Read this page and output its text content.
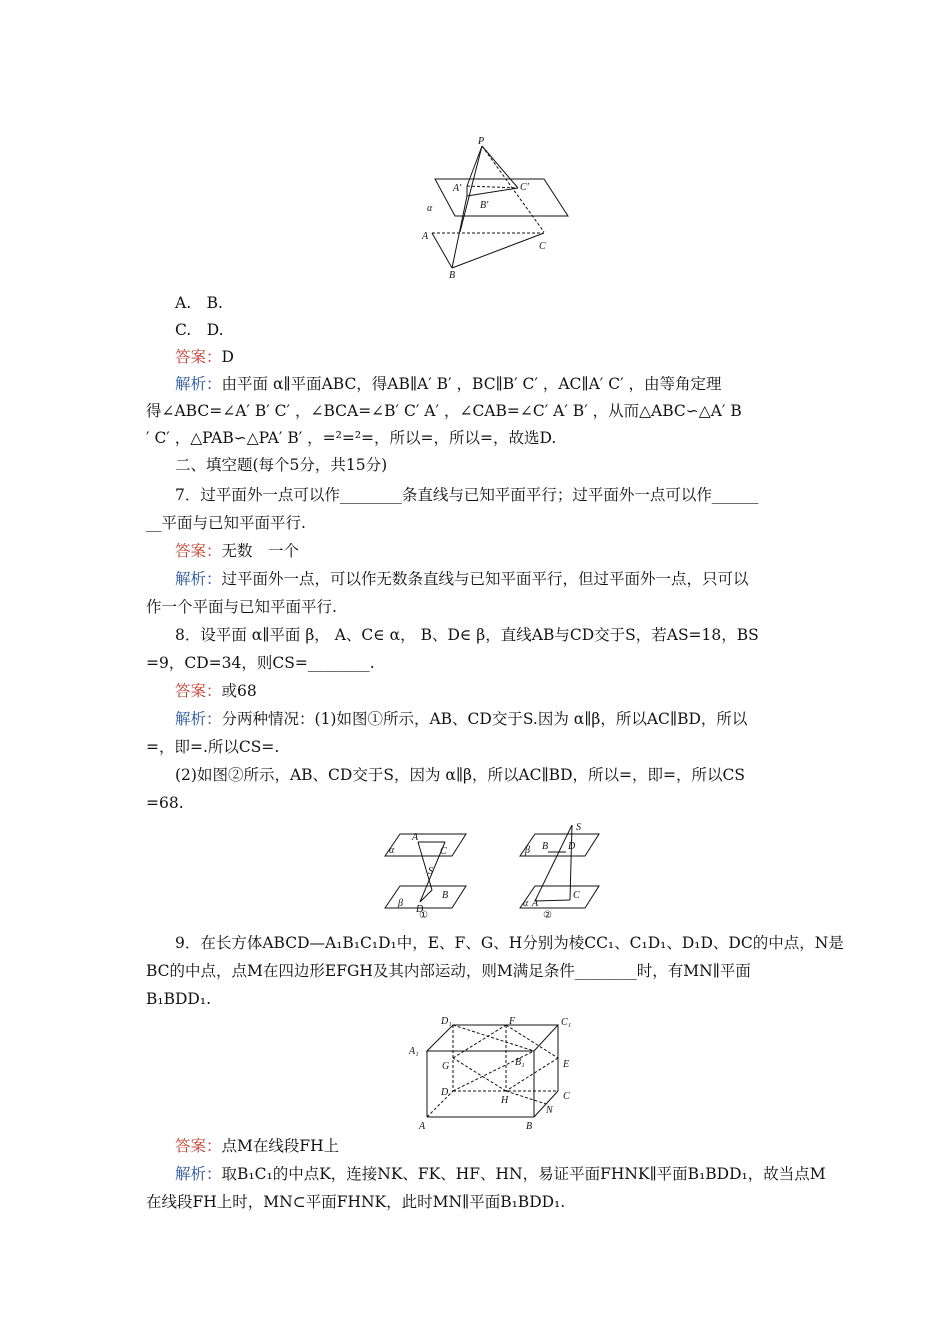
P
A′	C′
B′
α
A
C
B
A.　B.
C.　D.
答案：D
解析：由平面 α∥平面ABC，得AB∥A′ B′ ，BC∥B′ C′ ，AC∥A′ C′ ，由等角定理
得∠ABC=∠A′ B′ C′ ，∠BCA=∠B′ C′ A′ ，∠CAB=∠C′ A′ B′ ，从而△ABC∽△A′ B
′ C′ ，△PAB∽△PA′ B′ ，=²=²=，所以=，所以=，故选D.
二、填空题(每个5分，共15分)
7．过平面外一点可以作________条直线与已知平面平行；过平面外一点可以作______
__平面与已知平面平行.
答案：无数　一个
解析：过平面外一点，可以作无数条直线与已知平面平行，但过平面外一点，只可以
作一个平面与已知平面平行.
8．设平面 α∥平面 β， A、C∈ α， B、D∈ β，直线AB与CD交于S，若AS=18，BS
=9，CD=34，则CS=________.
答案：或68
解析：分两种情况：(1)如图①所示，AB、CD交于S.因为 α∥β，所以AC∥BD，所以
=，即=.所以CS=.
(2)如图②所示，AB、CD交于S，因为 α∥β，所以AC∥BD，所以=，即=，所以CS
=68.
A
C
α
S
B
β
D
①
S
B D
β
α A
C
②
9．在长方体ABCD—A₁B₁C₁D₁中，E、F、G、H分别为棱CC₁、C₁D₁、D₁D、DC的中点，N是
BC的中点，点M在四边形EFGH及其内部运动，则M满足条件________时，有MN∥平面
B₁BDD₁.
D₁	F	C₁
A₁
G	B₁	E
D
H	C
N
A	B
答案：点M在线段FH上
解析：取B₁C₁的中点K，连接NK、FK、HF、HN，易证平面FHNK∥平面B₁BDD₁，故当点M
在线段FH上时，MN⊂平面FHNK，此时MN∥平面B₁BDD₁.
